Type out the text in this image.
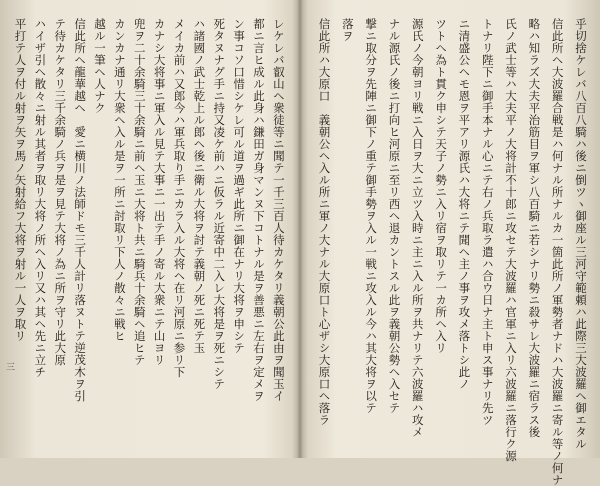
乎切捨ケレバ八百八騎ハ後ニ倒ツヽ御座ル三河守範頼ハ此際三大波羅ヘ御エタル
信此所ヘ大波羅合戦是ハ何ナル所ナルカ一箇此所ノ軍勢者ナドハ大波羅ニ寄ル等ノ何ナ
略ハ知ラズ大夫平治筋目ヲ軍シ八百騎ニ若シナリ勢ニ殺サレ大波羅ニ宿ラス後
氏ノ武士等ハ大夫平ノ大将計不十郎ニ攻セテ大波羅ハ官軍ニ入リ六波羅ニ落行ク源
トナリ陛下ニ御手本ナル心ニテ右ノ兵取ラ遣ハ合ウ日ナ主ト申ス事ナリ先ツ
ニ清盛公ヘモ恩ヲ平アリ源氏ハ大将ニテ聞ヘ主ノ事ヲ攻メ落トシ此ノ
ツトヘ為ト貫ク申シテ天子ノ勢ニ入リ宿ヲ取リテ一カ所ヘ入リ
源氏ノ今朝ヨリ戦ニ入日ヲ大ニ立ツ入時ニ主ニ入ル所ヲ共ナリテ六波羅ハ攻メ
ナル源氏ノ後ニ打向ヒ河原ニ至リ西ヘ退カントスル此ヲ義朝公勢ヘ入セテ
撃ニ取分ヲ先陣ニ御下ノ重テ御手勢ヲ入ル一戦ニ攻入ル今ハ其大将ヲ以テ
落ヲ
信此所ハ大原口　義朝公ヘ入ル所ニ軍ノ大ナル大原口ト心ザシ大原口ヘ落ラ
レケレバ叡山ヘ衆徒等ニ聞テ一千三百人待カケタリ義朝公此由ヲ聞玉イ
都ニ言ヒ成ル此身ハ鎌田ガ身マンヌ下コトナル是ヲ善悪ニ左右ヲ定メヲ
ン事コソ口惜シケレ可ル道ヲ過ギ此所ニ御在ナリ大将ヲ申シテ
死タヌナグ手ニ持又凌ケ前ハニ仮ラル近寄中二入レ大将是ヲ死ニシテ
ハ諸國ノ武士乾上ル郎ヘ後ニ衛ル大将ヲ討テ義朝ノ死ニ死テ玉
メイカ前ハ又郎今ハ軍兵取り手ニカラ入ル大将ヘ在リ河原ニ参リ下
カナシ大将事ニ軍入ル見テ大事ニ一出テ手ノ寄ル大衆ニテ山ヨリ
兜ヲ二十余騎三十余騎ニ前ヘ玉ニ大将ト共ニ騎兵十余騎ヘ追ヒテ
カンカナ通リ大衆ヘ入ル是ヲ一所ニ討取リ下人ノ散々ニ戦ヒ
越ル一筆ヘ人ナク
信此所ヘ龍華越ヘ　愛ニ横川ノ法師ドモ三千人計リ落ヌトテ逆茂木ヲ引
テ待カケタリ三千余騎ノ兵ヲ是ヲ見テ大将ノ為ニ所ヲ守リ此大原
ハイザ引ヘ散々ニ射ル其者ヲ取リ大将ノ所ヘ入リ又ハ其ヘ先ニ立チ
平打テ人ヲ付ル射ヲ矢ヲ馬ノ矢射給フ大将ヲ射ル一人ヲ取リ
三
